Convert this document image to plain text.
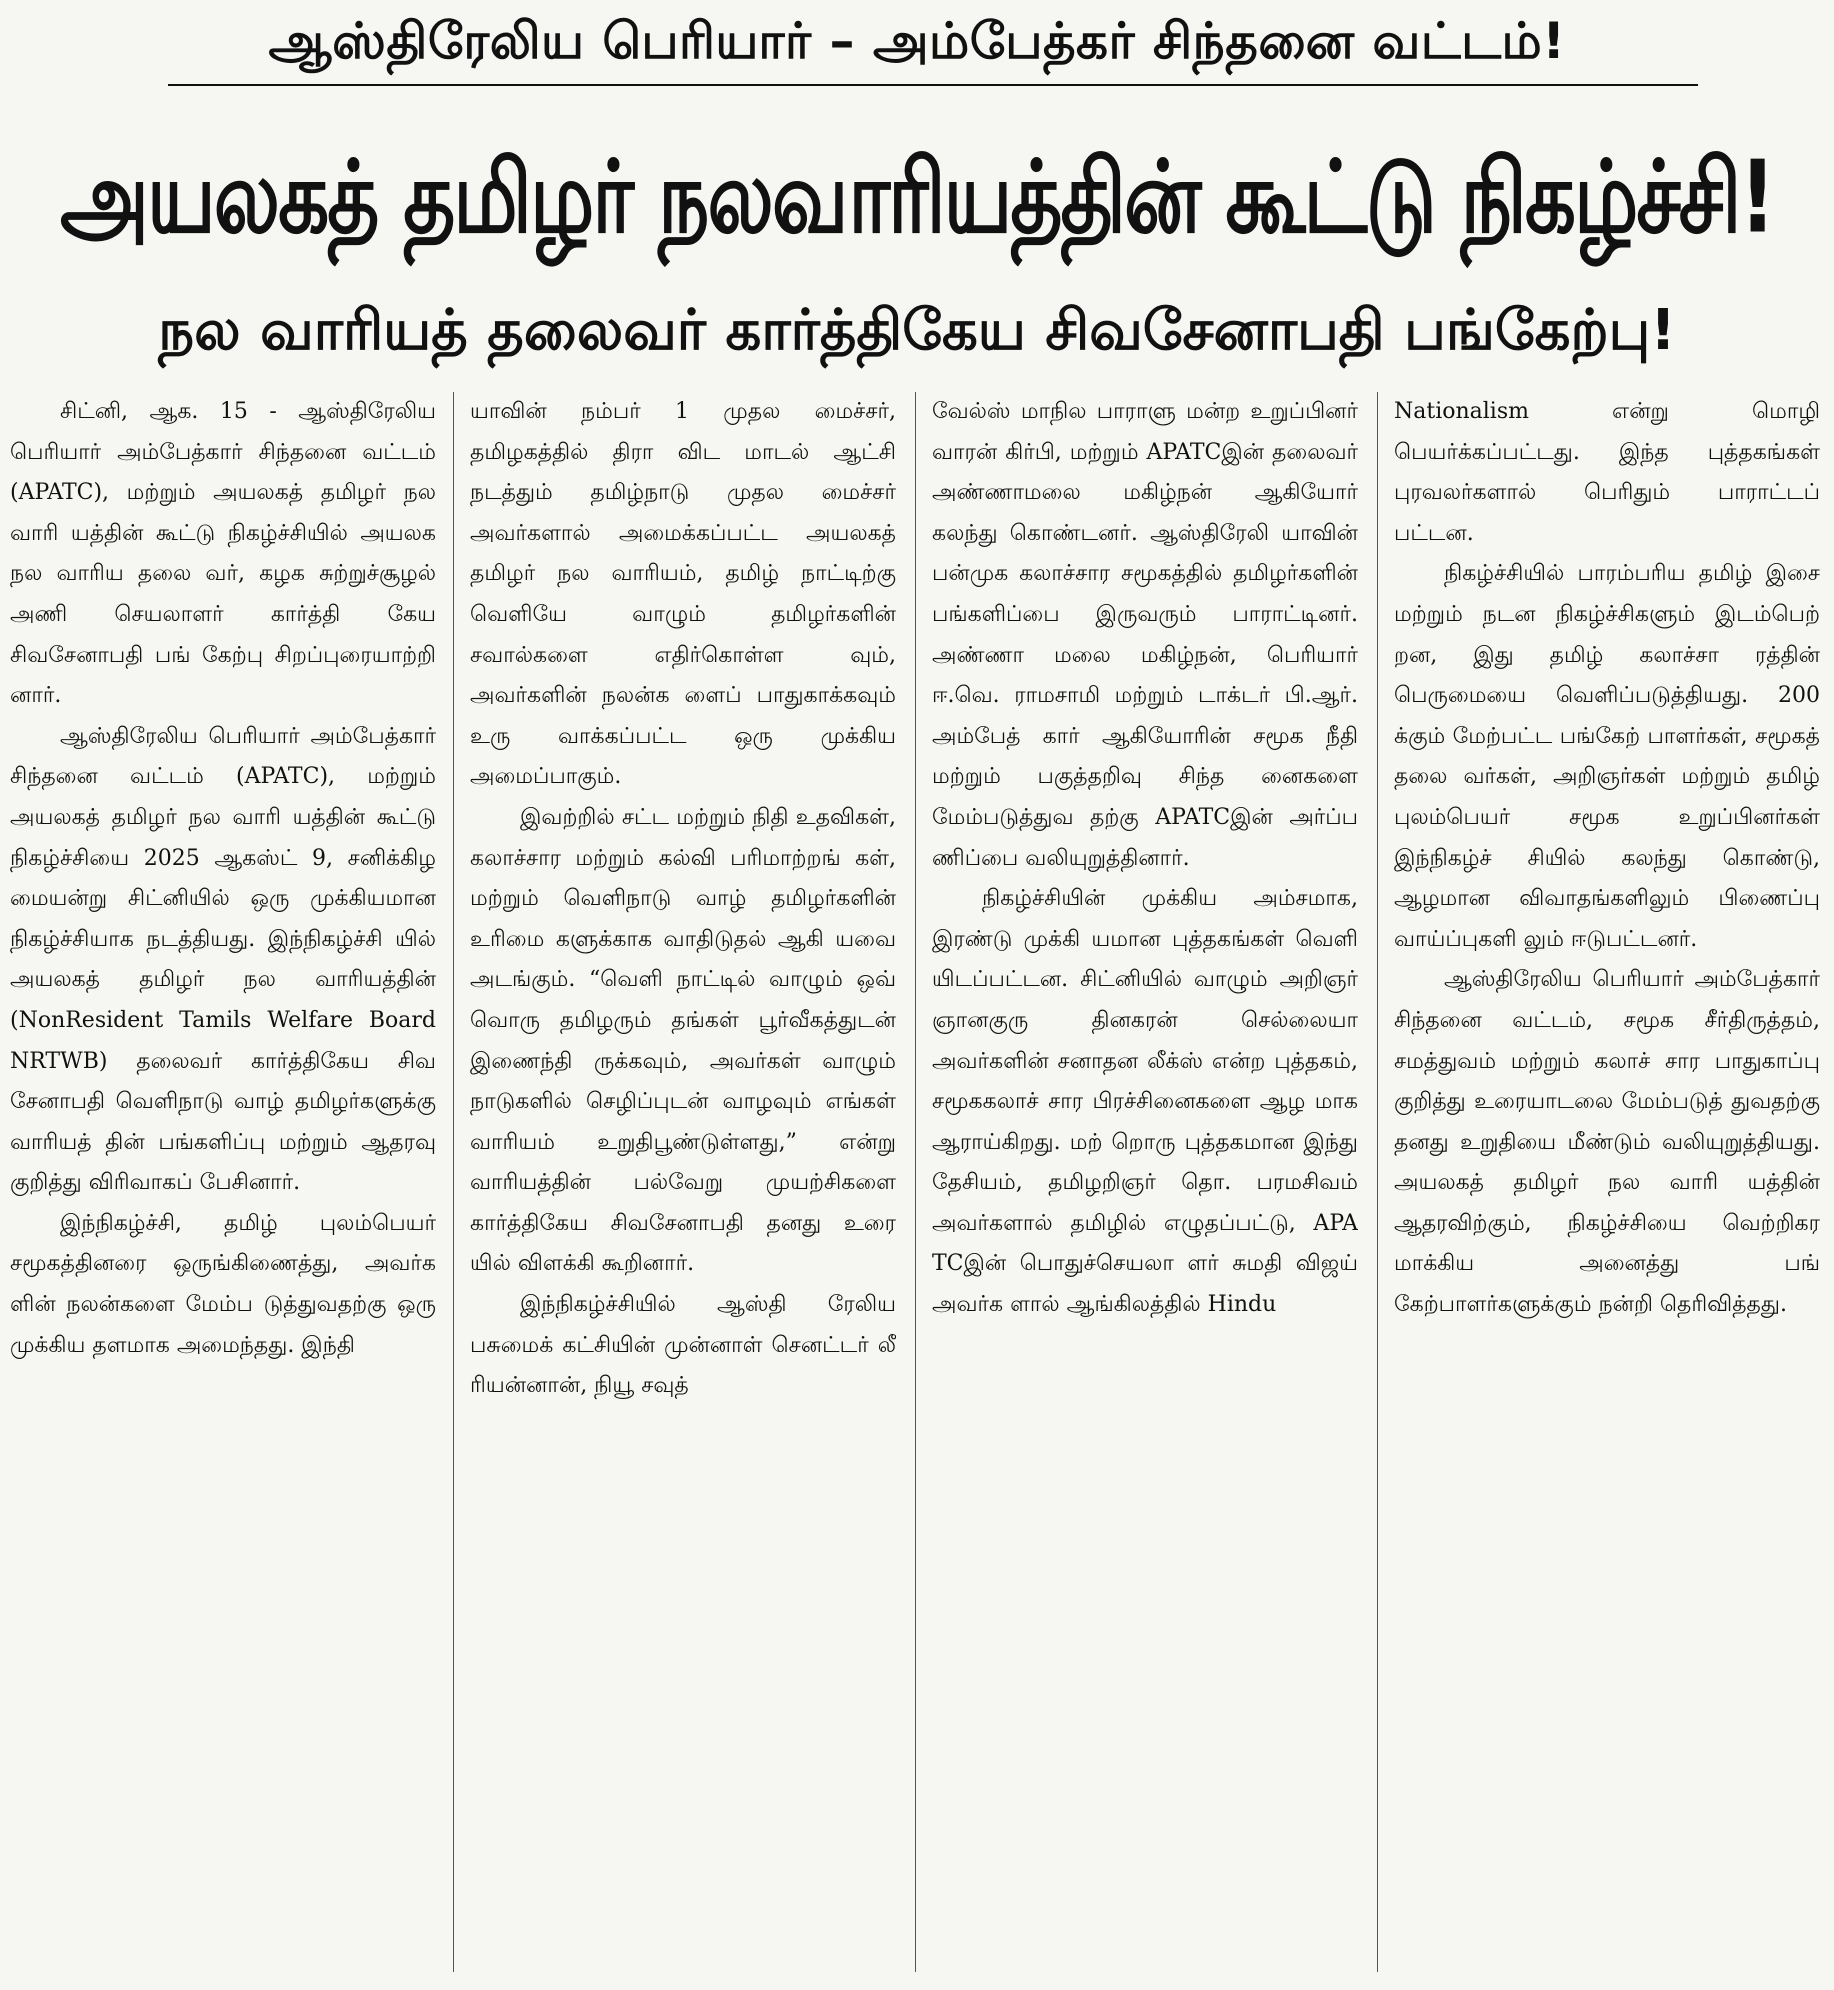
ஆஸ்திரேலிய பெரியார் – அம்பேத்கர் சிந்தனை வட்டம்!
அயலகத் தமிழர் நலவாரியத்தின் கூட்டு நிகழ்ச்சி!
நல வாரியத் தலைவர் கார்த்திகேய சிவசேனாபதி பங்கேற்பு!

சிட்னி, ஆக. 15 - ஆஸ்திரேலிய பெரியார் அம்பேத்கார் சிந்தனை வட்டம் (APATC), மற்றும் அயலகத் தமிழர் நல வாரி யத்தின் கூட்டு நிகழ்ச்சியில் அயலக நல வாரிய தலை வர், கழக சுற்றுச்சூழல் அணி செயலாளர் கார்த்தி கேய சிவசேனாபதி பங் கேற்பு சிறப்புரையாற்றி னார்.

ஆஸ்திரேலிய பெரியார் அம்பேத்கார் சிந்தனை வட்டம் (APATC), மற்றும் அயலகத் தமிழர் நல வாரி யத்தின் கூட்டு நிகழ்ச்சியை 2025 ஆகஸ்ட் 9, சனிக்கிழ மையன்று சிட்னியில் ஒரு முக்கியமான நிகழ்ச்சியாக நடத்தியது. இந்நிகழ்ச்சி யில் அயலகத் தமிழர் நல வாரியத்தின் (NonResident Tamils Welfare Board NRTWB) தலைவர் கார்த்திகேய சிவ சேனாபதி வெளிநாடு வாழ் தமிழர்களுக்கு வாரியத் தின் பங்களிப்பு மற்றும் ஆதரவு குறித்து விரிவாகப் பேசினார்.

இந்நிகழ்ச்சி, தமிழ் புலம்பெயர் சமூகத்தினரை ஒருங்கிணைத்து, அவர்க ளின் நலன்களை மேம்ப டுத்துவதற்கு ஒரு முக்கிய தளமாக அமைந்தது. இந்தி

யாவின் நம்பர் 1 முதல மைச்சர், தமிழகத்தில் திரா விட மாடல் ஆட்சி நடத்தும் தமிழ்நாடு முதல மைச்சர் அவர்களால் அமைக்கப்பட்ட அயலகத் தமிழர் நல வாரியம், தமிழ் நாட்டிற்கு வெளியே வாழும் தமிழர்களின் சவால்களை எதிர்கொள்ள வும், அவர்களின் நலன்க ளைப் பாதுகாக்கவும் உரு வாக்கப்பட்ட ஒரு முக்கிய அமைப்பாகும்.

இவற்றில் சட்ட மற்றும் நிதி உதவிகள், கலாச்சார மற்றும் கல்வி பரிமாற்றங் கள், மற்றும் வெளிநாடு வாழ் தமிழர்களின் உரிமை களுக்காக வாதிடுதல் ஆகி யவை அடங்கும். “வெளி நாட்டில் வாழும் ஒவ் வொரு தமிழரும் தங்கள் பூர்வீகத்துடன் இணைந்தி ருக்கவும், அவர்கள் வாழும் நாடுகளில் செழிப்புடன் வாழவும் எங்கள் வாரியம் உறுதிபூண்டுள்ளது,” என்று வாரியத்தின் பல்வேறு முயற்சிகளை கார்த்திகேய சிவசேனாபதி தனது உரை யில் விளக்கி கூறினார்.

இந்நிகழ்ச்சியில் ஆஸ்தி ரேலிய பசுமைக் கட்சியின் முன்னாள் செனட்டர் லீ ரியன்னான், நியூ சவுத்

வேல்ஸ் மாநில பாராளு மன்ற உறுப்பினர் வாரன் கிர்பி, மற்றும் APATCஇன் தலைவர் அண்ணாமலை மகிழ்நன் ஆகியோர் கலந்து கொண்டனர். ஆஸ்திரேலி யாவின் பன்முக கலாச்சார சமூகத்தில் தமிழர்களின் பங்களிப்பை இருவரும் பாராட்டினர். அண்ணா மலை மகிழ்நன், பெரியார் ஈ.வெ. ராமசாமி மற்றும் டாக்டர் பி.ஆர். அம்பேத் கார் ஆகியோரின் சமூக நீதி மற்றும் பகுத்தறிவு சிந்த னைகளை மேம்படுத்துவ தற்கு APATCஇன் அர்ப்ப ணிப்பை வலியுறுத்தினார்.

நிகழ்ச்சியின் முக்கிய அம்சமாக, இரண்டு முக்கி யமான புத்தகங்கள் வெளி யிடப்பட்டன. சிட்னியில் வாழும் அறிஞர் ஞானகுரு தினகரன் செல்லையா அவர்களின் சனாதன லீக்ஸ் என்ற புத்தகம், சமூககலாச் சார பிரச்சினைகளை ஆழ மாக ஆராய்கிறது. மற் றொரு புத்தகமான இந்து தேசியம், தமிழறிஞர் தொ. பரமசிவம் அவர்களால் தமிழில் எழுதப்பட்டு, APA TCஇன் பொதுச்செயலா ளர் சுமதி விஜய் அவர்க ளால் ஆங்கிலத்தில் Hindu

Nationalism என்று மொழி பெயர்க்கப்பட்டது. இந்த புத்தகங்கள் புரவலர்களால் பெரிதும் பாராட்டப் பட்டன.

நிகழ்ச்சியில் பாரம்பரிய தமிழ் இசை மற்றும் நடன நிகழ்ச்சிகளும் இடம்பெற் றன, இது தமிழ் கலாச்சா ரத்தின் பெருமையை வெளிப்படுத்தியது. 200 க்கும் மேற்பட்ட பங்கேற் பாளர்கள், சமூகத் தலை வர்கள், அறிஞர்கள் மற்றும் தமிழ் புலம்பெயர் சமூக உறுப்பினர்கள் இந்நிகழ்ச் சியில் கலந்து கொண்டு, ஆழமான விவாதங்களிலும் பிணைப்பு வாய்ப்புகளி லும் ஈடுபட்டனர்.

ஆஸ்திரேலிய பெரியார் அம்பேத்கார் சிந்தனை வட்டம், சமூக சீர்திருத்தம், சமத்துவம் மற்றும் கலாச் சார பாதுகாப்பு குறித்து உரையாடலை மேம்படுத் துவதற்கு தனது உறுதியை மீண்டும் வலியுறுத்தியது. அயலகத் தமிழர் நல வாரி யத்தின் ஆதரவிற்கும், நிகழ்ச்சியை வெற்றிகர மாக்கிய அனைத்து பங் கேற்பாளர்களுக்கும் நன்றி தெரிவித்தது.
